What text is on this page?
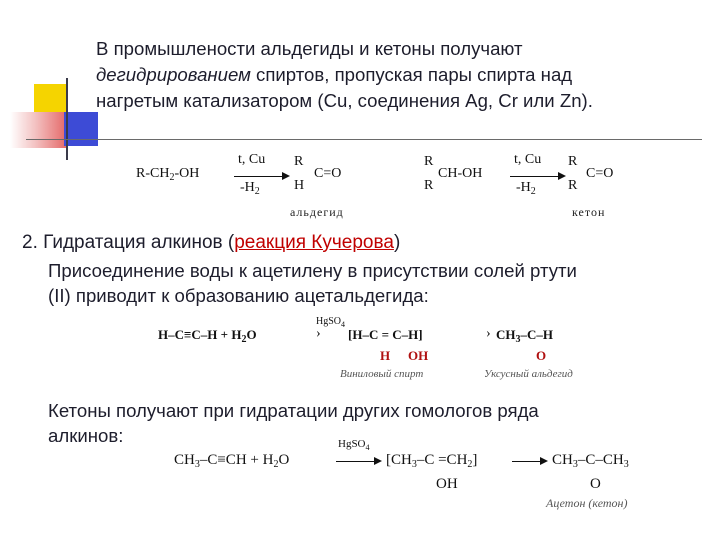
В промышлености альдегиды и кетоны получают
дегидрированием спиртов, пропуская пары спирта над
нагретым катализатором (Cu, соединения Ag, Cr или Zn).
$R-CH_2-OH$
t, Cu
$-H_2$
R
H
C=O
альдегид
R
R
CH-OH
t, Cu
$-H_2$
R
R
C=O
кетон
2. Гидратация алкинов (реакция Кучерова)
Присоединение воды к ацетилену в присутствии солей ртути
(II) приводит к образованию ацетальдегида:
$H-C\equiv C-H + H_2O$
HgSO$_4$
› [H–C = C–H]
H OH
› $CH_3-C-H$
O
Виниловый спирт	Уксусный альдегид
Кетоны получают при гидратации других гомологов ряда
алкинов:
$CH_3-C\equiv CH + H_2O$
HgSO$_4$
$[CH_3-C =CH_2]$
OH
$CH_3-C-CH_3$
O
Ацетон (кетон)
